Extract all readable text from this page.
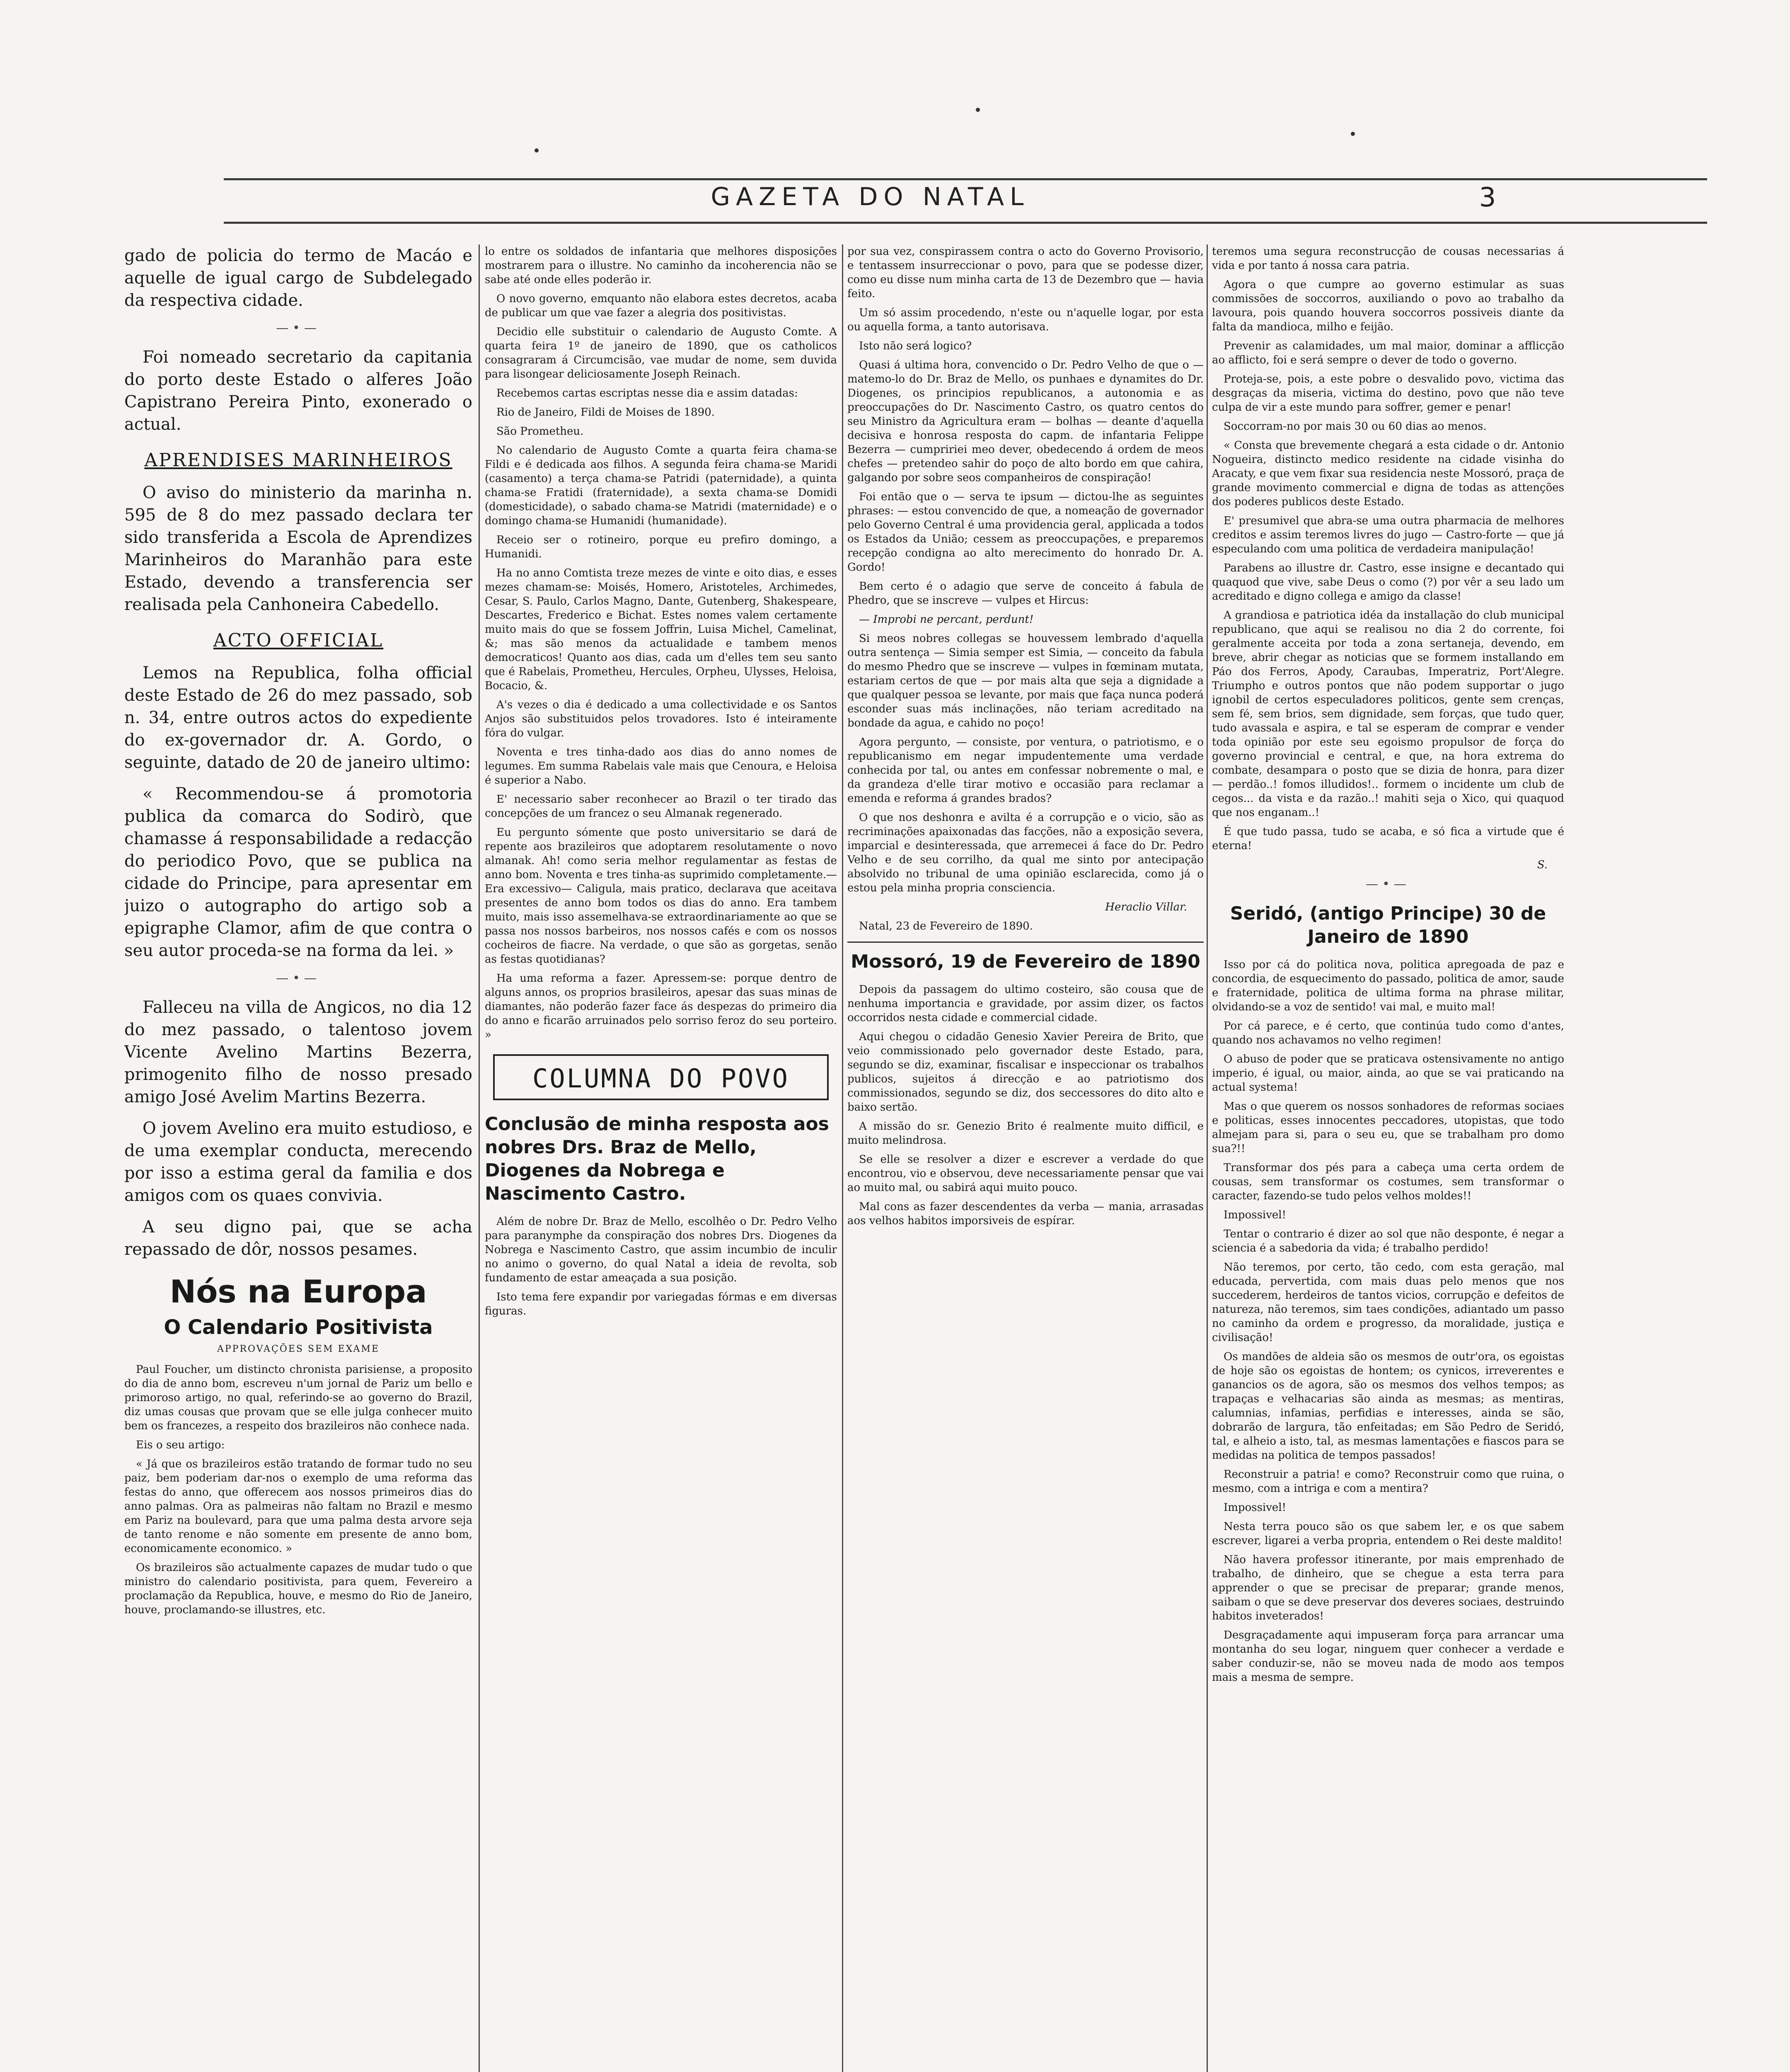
GAZETA DO NATAL	3

gado de policia do termo de Macáo e aquelle de igual cargo de Subdelegado da respectiva cidade.

—•—

Foi nomeado secretario da capitania do porto deste Estado o alferes João Capistrano Pereira Pinto, exonerado o actual.

APRENDISES MARINHEIROS

O aviso do ministerio da marinha n. 595 de 8 do mez passado declara ter sido transferida a Escola de Aprendizes Marinheiros do Maranhão para este Estado, devendo a transferencia ser realisada pela Canhoneira Cabedello.

ACTO OFFICIAL

Lemos na Republica, folha official deste Estado de 26 do mez passado, sob n. 34, entre outros actos do expediente do ex-governador dr. A. Gordo, o seguinte, datado de 20 de janeiro ultimo:

« Recommendou-se á promotoria publica da comarca do Sodirò, que chamasse á responsabilidade a redacção do periodico Povo, que se publica na cidade do Principe, para apresentar em juizo o autographo do artigo sob a epigraphe Clamor, afim de que contra o seu autor proceda-se na forma da lei. »

—•—

Falleceu na villa de Angicos, no dia 12 do mez passado, o talentoso jovem Vicente Avelino Martins Bezerra, primogenito filho de nosso presado amigo José Avelim Martins Bezerra.

O jovem Avelino era muito estudioso, e de uma exemplar conducta, merecendo por isso a estima geral da familia e dos amigos com os quaes convivia.

A seu digno pai, que se acha repassado de dôr, nossos pesames.

Nós na Europa
O Calendario Positivista
APPROVAÇÕES SEM EXAME

Paul Foucher, um distincto chronista parisiense, a proposito do dia de anno bom, escreveu n'um jornal de Pariz um bello e primoroso artigo, no qual, referindo-se ao governo do Brazil, diz umas cousas que provam que se elle julga conhecer muito bem os francezes, a respeito dos brazileiros não conhece nada.

Eis o seu artigo:

« Já que os brazileiros estão tratando de formar tudo no seu paiz, bem poderiam dar-nos o exemplo de uma reforma das festas do anno, que offerecem aos nossos primeiros dias do anno palmas. Ora as palmeiras não faltam no Brazil e mesmo em Pariz na boulevard, para que uma palma desta arvore seja de tanto renome e não somente em presente de anno bom, economicamente economico. »

Os brazileiros são actualmente capazes de mudar tudo o que ministro do calendario positivista, para quem, Fevereiro a proclamação da Republica, houve, e mesmo do Rio de Janeiro, houve, proclamando-se illustres, etc.

lo entre os soldados de infantaria que melhores disposições mostrarem para o illustre. No caminho da incoherencia não se sabe até onde elles poderão ir.

O novo governo, emquanto não elabora estes decretos, acaba de publicar um que vae fazer a alegria dos positivistas.

Decidio elle substituir o calendario de Augusto Comte. A quarta feira 1º de janeiro de 1890, que os catholicos consagraram á Circumcisão, vae mudar de nome, sem duvida para lisongear deliciosamente Joseph Reinach.

Recebemos cartas escriptas nesse dia e assim datadas:

Rio de Janeiro, Fildi de Moises de 1890.

São Prometheu.

No calendario de Augusto Comte a quarta feira chama-se Fildi e é dedicada aos filhos. A segunda feira chama-se Maridi (casamento) a terça chama-se Patridi (paternidade), a quinta chama-se Fratidi (fraternidade), a sexta chama-se Domidi (domesticidade), o sabado chama-se Matridi (maternidade) e o domingo chama-se Humanidi (humanidade).

Receio ser o rotineiro, porque eu prefiro domingo, a Humanidi.

Ha no anno Comtista treze mezes de vinte e oito dias, e esses mezes chamam-se: Moisés, Homero, Aristoteles, Archimedes, Cesar, S. Paulo, Carlos Magno, Dante, Gutenberg, Shakespeare, Descartes, Frederico e Bichat. Estes nomes valem certamente muito mais do que se fossem Joffrin, Luisa Michel, Camelinat, &; mas são menos da actualidade e tambem menos democraticos! Quanto aos dias, cada um d'elles tem seu santo que é Rabelais, Prometheu, Hercules, Orpheu, Ulysses, Heloisa, Bocacio, &.

A's vezes o dia é dedicado a uma collectividade e os Santos Anjos são substituidos pelos trovadores. Isto é inteiramente fóra do vulgar.

Noventa e tres tinha-dado aos dias do anno nomes de legumes. Em summa Rabelais vale mais que Cenoura, e Heloisa é superior a Nabo.

E' necessario saber reconhecer ao Brazil o ter tirado das concepções de um francez o seu Almanak regenerado.

Eu pergunto sómente que posto universitario se dará de repente aos brazileiros que adoptarem resolutamente o novo almanak. Ah! como seria melhor regulamentar as festas de anno bom. Noventa e tres tinha-as suprimido completamente.— Era excessivo— Caligula, mais pratico, declarava que aceitava presentes de anno bom todos os dias do anno. Era tambem muito, mais isso assemelhava-se extraordinariamente ao que se passa nos nossos barbeiros, nos nossos cafés e com os nossos cocheiros de fiacre. Na verdade, o que são as gorgetas, senão as festas quotidianas?

Ha uma reforma a fazer. Apressem-se: porque dentro de alguns annos, os proprios brasileiros, apesar das suas minas de diamantes, não poderão fazer face ás despezas do primeiro dia do anno e ficarão arruinados pelo sorriso feroz do seu porteiro. »

COLUMNA DO POVO
Conclusão de minha resposta aos nobres Drs. Braz de Mello, Diogenes da Nobrega e Nascimento Castro.

Além de nobre Dr. Braz de Mello, escolhêo o Dr. Pedro Velho para paranymphe da conspiração dos nobres Drs. Diogenes da Nobrega e Nascimento Castro, que assim incumbio de inculir no animo o governo, do qual Natal a ideia de revolta, sob fundamento de estar ameaçada a sua posição.

Isto tema fere expandir por variegadas fórmas e em diversas figuras.

por sua vez, conspirassem contra o acto do Governo Provisorio, e tentassem insurreccionar o povo, para que se podesse dizer, como eu disse num minha carta de 13 de Dezembro que — havia feito.

Um só assim procedendo, n'este ou n'aquelle logar, por esta ou aquella forma, a tanto autorisava.

Isto não será logico?

Quasi á ultima hora, convencido o Dr. Pedro Velho de que o — matemo-lo do Dr. Braz de Mello, os punhaes e dynamites do Dr. Diogenes, os principios republicanos, a autonomia e as preoccupações do Dr. Nascimento Castro, os quatro centos do seu Ministro da Agricultura eram — bolhas — deante d'aquella decisiva e honrosa resposta do capm. de infantaria Felippe Bezerra — cumpririei meo dever, obedecendo á ordem de meos chefes — pretendeo sahir do poço de alto bordo em que cahira, galgando por sobre seos companheiros de conspiração!

Foi então que o — serva te ipsum — dictou-lhe as seguintes phrases: — estou convencido de que, a nomeação de governador pelo Governo Central é uma providencia geral, applicada a todos os Estados da União; cessem as preoccupações, e preparemos recepção condigna ao alto merecimento do honrado Dr. A. Gordo!

Bem certo é o adagio que serve de conceito á fabula de Phedro, que se inscreve — vulpes et Hircus:

— Improbi ne percant, perdunt!

Si meos nobres collegas se houvessem lembrado d'aquella outra sentença — Simia semper est Simia, — conceito da fabula do mesmo Phedro que se inscreve — vulpes in fœminam mutata, estariam certos de que — por mais alta que seja a dignidade a que qualquer pessoa se levante, por mais que faça nunca poderá esconder suas más inclinações, não teriam acreditado na bondade da agua, e cahido no poço!

Agora pergunto, — consiste, por ventura, o patriotismo, e o republicanismo em negar impudentemente uma verdade conhecida por tal, ou antes em confessar nobremente o mal, e da grandeza d'elle tirar motivo e occasião para reclamar a emenda e reforma á grandes brados?

O que nos deshonra e avilta é a corrupção e o vicio, são as recriminações apaixonadas das facções, não a exposição severa, imparcial e desinteressada, que arremecei á face do Dr. Pedro Velho e de seu corrilho, da qual me sinto por antecipação absolvido no tribunal de uma opinião esclarecida, como já o estou pela minha propria consciencia.

Heraclio Villar.

Natal, 23 de Fevereiro de 1890.

Mossoró, 19 de Fevereiro de 1890

Depois da passagem do ultimo costeiro, são cousa que de nenhuma importancia e gravidade, por assim dizer, os factos occorridos nesta cidade e commercial cidade.

Aqui chegou o cidadão Genesio Xavier Pereira de Brito, que veio commissionado pelo governador deste Estado, para, segundo se diz, examinar, fiscalisar e inspeccionar os trabalhos publicos, sujeitos á direcção e ao patriotismo dos commissionados, segundo se diz, dos seccessores do dito alto e baixo sertão.

A missão do sr. Genezio Brito é realmente muito difficil, e muito melindrosa.

Se elle se resolver a dizer e escrever a verdade do que encontrou, vio e observou, deve necessariamente pensar que vai ao muito mal, ou sabirá aqui muito pouco.

Mal cons as fazer descendentes da verba — mania, arrasadas aos velhos habitos imporsiveis de espírar.

teremos uma segura reconstrucção de cousas necessarias á vida e por tanto á nossa cara patria.

Agora o que cumpre ao governo estimular as suas commissões de soccorros, auxiliando o povo ao trabalho da lavoura, pois quando houvera soccorros possiveis diante da falta da mandioca, milho e feijão.

Prevenir as calamidades, um mal maior, dominar a afflicção ao afflicto, foi e será sempre o dever de todo o governo.

Proteja-se, pois, a este pobre o desvalido povo, victima das desgraças da miseria, victima do destino, povo que não teve culpa de vir a este mundo para soffrer, gemer e penar!

Soccorram-no por mais 30 ou 60 dias ao menos.

« Consta que brevemente chegará a esta cidade o dr. Antonio Nogueira, distincto medico residente na cidade visinha do Aracaty, e que vem fixar sua residencia neste Mossoró, praça de grande movimento commercial e digna de todas as attenções dos poderes publicos deste Estado.

E' presumivel que abra-se uma outra pharmacia de melhores creditos e assim teremos livres do jugo — Castro-forte — que já especulando com uma politica de verdadeira manipulação!

Parabens ao illustre dr. Castro, esse insigne e decantado qui quaquod que vive, sabe Deus o como (?) por vêr a seu lado um acreditado e digno collega e amigo da classe!

A grandiosa e patriotica idéa da installação do club municipal republicano, que aqui se realisou no dia 2 do corrente, foi geralmente acceita por toda a zona sertaneja, devendo, em breve, abrir chegar as noticias que se formem installando em Páo dos Ferros, Apody, Caraubas, Imperatriz, Port'Alegre. Triumpho e outros pontos que não podem supportar o jugo ignobil de certos especuladores politicos, gente sem crenças, sem fé, sem brios, sem dignidade, sem forças, que tudo quer, tudo avassala e aspira, e tal se esperam de comprar e vender toda opinião por este seu egoismo propulsor de força do governo provincial e central, e que, na hora extrema do combate, desampara o posto que se dizia de honra, para dizer — perdão..! fomos illudidos!.. formem o incidente um club de cegos... da vista e da razão..! mahiti seja o Xico, qui quaquod que nos enganam..!

É que tudo passa, tudo se acaba, e só fica a virtude que é eterna!

S.

—•—
Seridó, (antigo Principe) 30 de Janeiro de 1890

Isso por cá do politica nova, politica apregoada de paz e concordia, de esquecimento do passado, politica de amor, saude e fraternidade, politica de ultima forma na phrase militar, olvidando-se a voz de sentido! vai mal, e muito mal!

Por cá parece, e é certo, que continúa tudo como d'antes, quando nos achavamos no velho regimen!

O abuso de poder que se praticava ostensivamente no antigo imperio, é igual, ou maior, ainda, ao que se vai praticando na actual systema!

Mas o que querem os nossos sonhadores de reformas sociaes e politicas, esses innocentes peccadores, utopistas, que todo almejam para si, para o seu eu, que se trabalham pro domo sua?!!

Transformar dos pés para a cabeça uma certa ordem de cousas, sem transformar os costumes, sem transformar o caracter, fazendo-se tudo pelos velhos moldes!!

Impossivel!

Tentar o contrario é dizer ao sol que não desponte, é negar a sciencia é a sabedoria da vida; é trabalho perdido!

Não teremos, por certo, tão cedo, com esta geração, mal educada, pervertida, com mais duas pelo menos que nos succederem, herdeiros de tantos vicios, corrupção e defeitos de natureza, não teremos, sim taes condições, adiantado um passo no caminho da ordem e progresso, da moralidade, justiça e civilisação!

Os mandões de aldeia são os mesmos de outr'ora, os egoistas de hoje são os egoistas de hontem; os cynicos, irreverentes e ganancios os de agora, são os mesmos dos velhos tempos; as trapaças e velhacarias são ainda as mesmas; as mentiras, calumnias, infamias, perfidias e interesses, ainda se são, dobrarão de largura, tão enfeitadas; em São Pedro de Seridó, tal, e alheio a isto, tal, as mesmas lamentações e fiascos para se medidas na politica de tempos passados!

Reconstruir a patria! e como? Reconstruir como que ruina, o mesmo, com a intriga e com a mentira?

Impossivel!

Nesta terra pouco são os que sabem ler, e os que sabem escrever, ligarei a verba propria, entendem o Rei deste maldito!

Não havera professor itinerante, por mais emprenhado de trabalho, de dinheiro, que se chegue a esta terra para apprender o que se precisar de preparar; grande menos, saibam o que se deve preservar dos deveres sociaes, destruindo habitos inveterados!

Desgraçadamente aqui impuseram força para arrancar uma montanha do seu logar, ninguem quer conhecer a verdade e saber conduzir-se, não se moveu nada de modo aos tempos mais a mesma de sempre.
